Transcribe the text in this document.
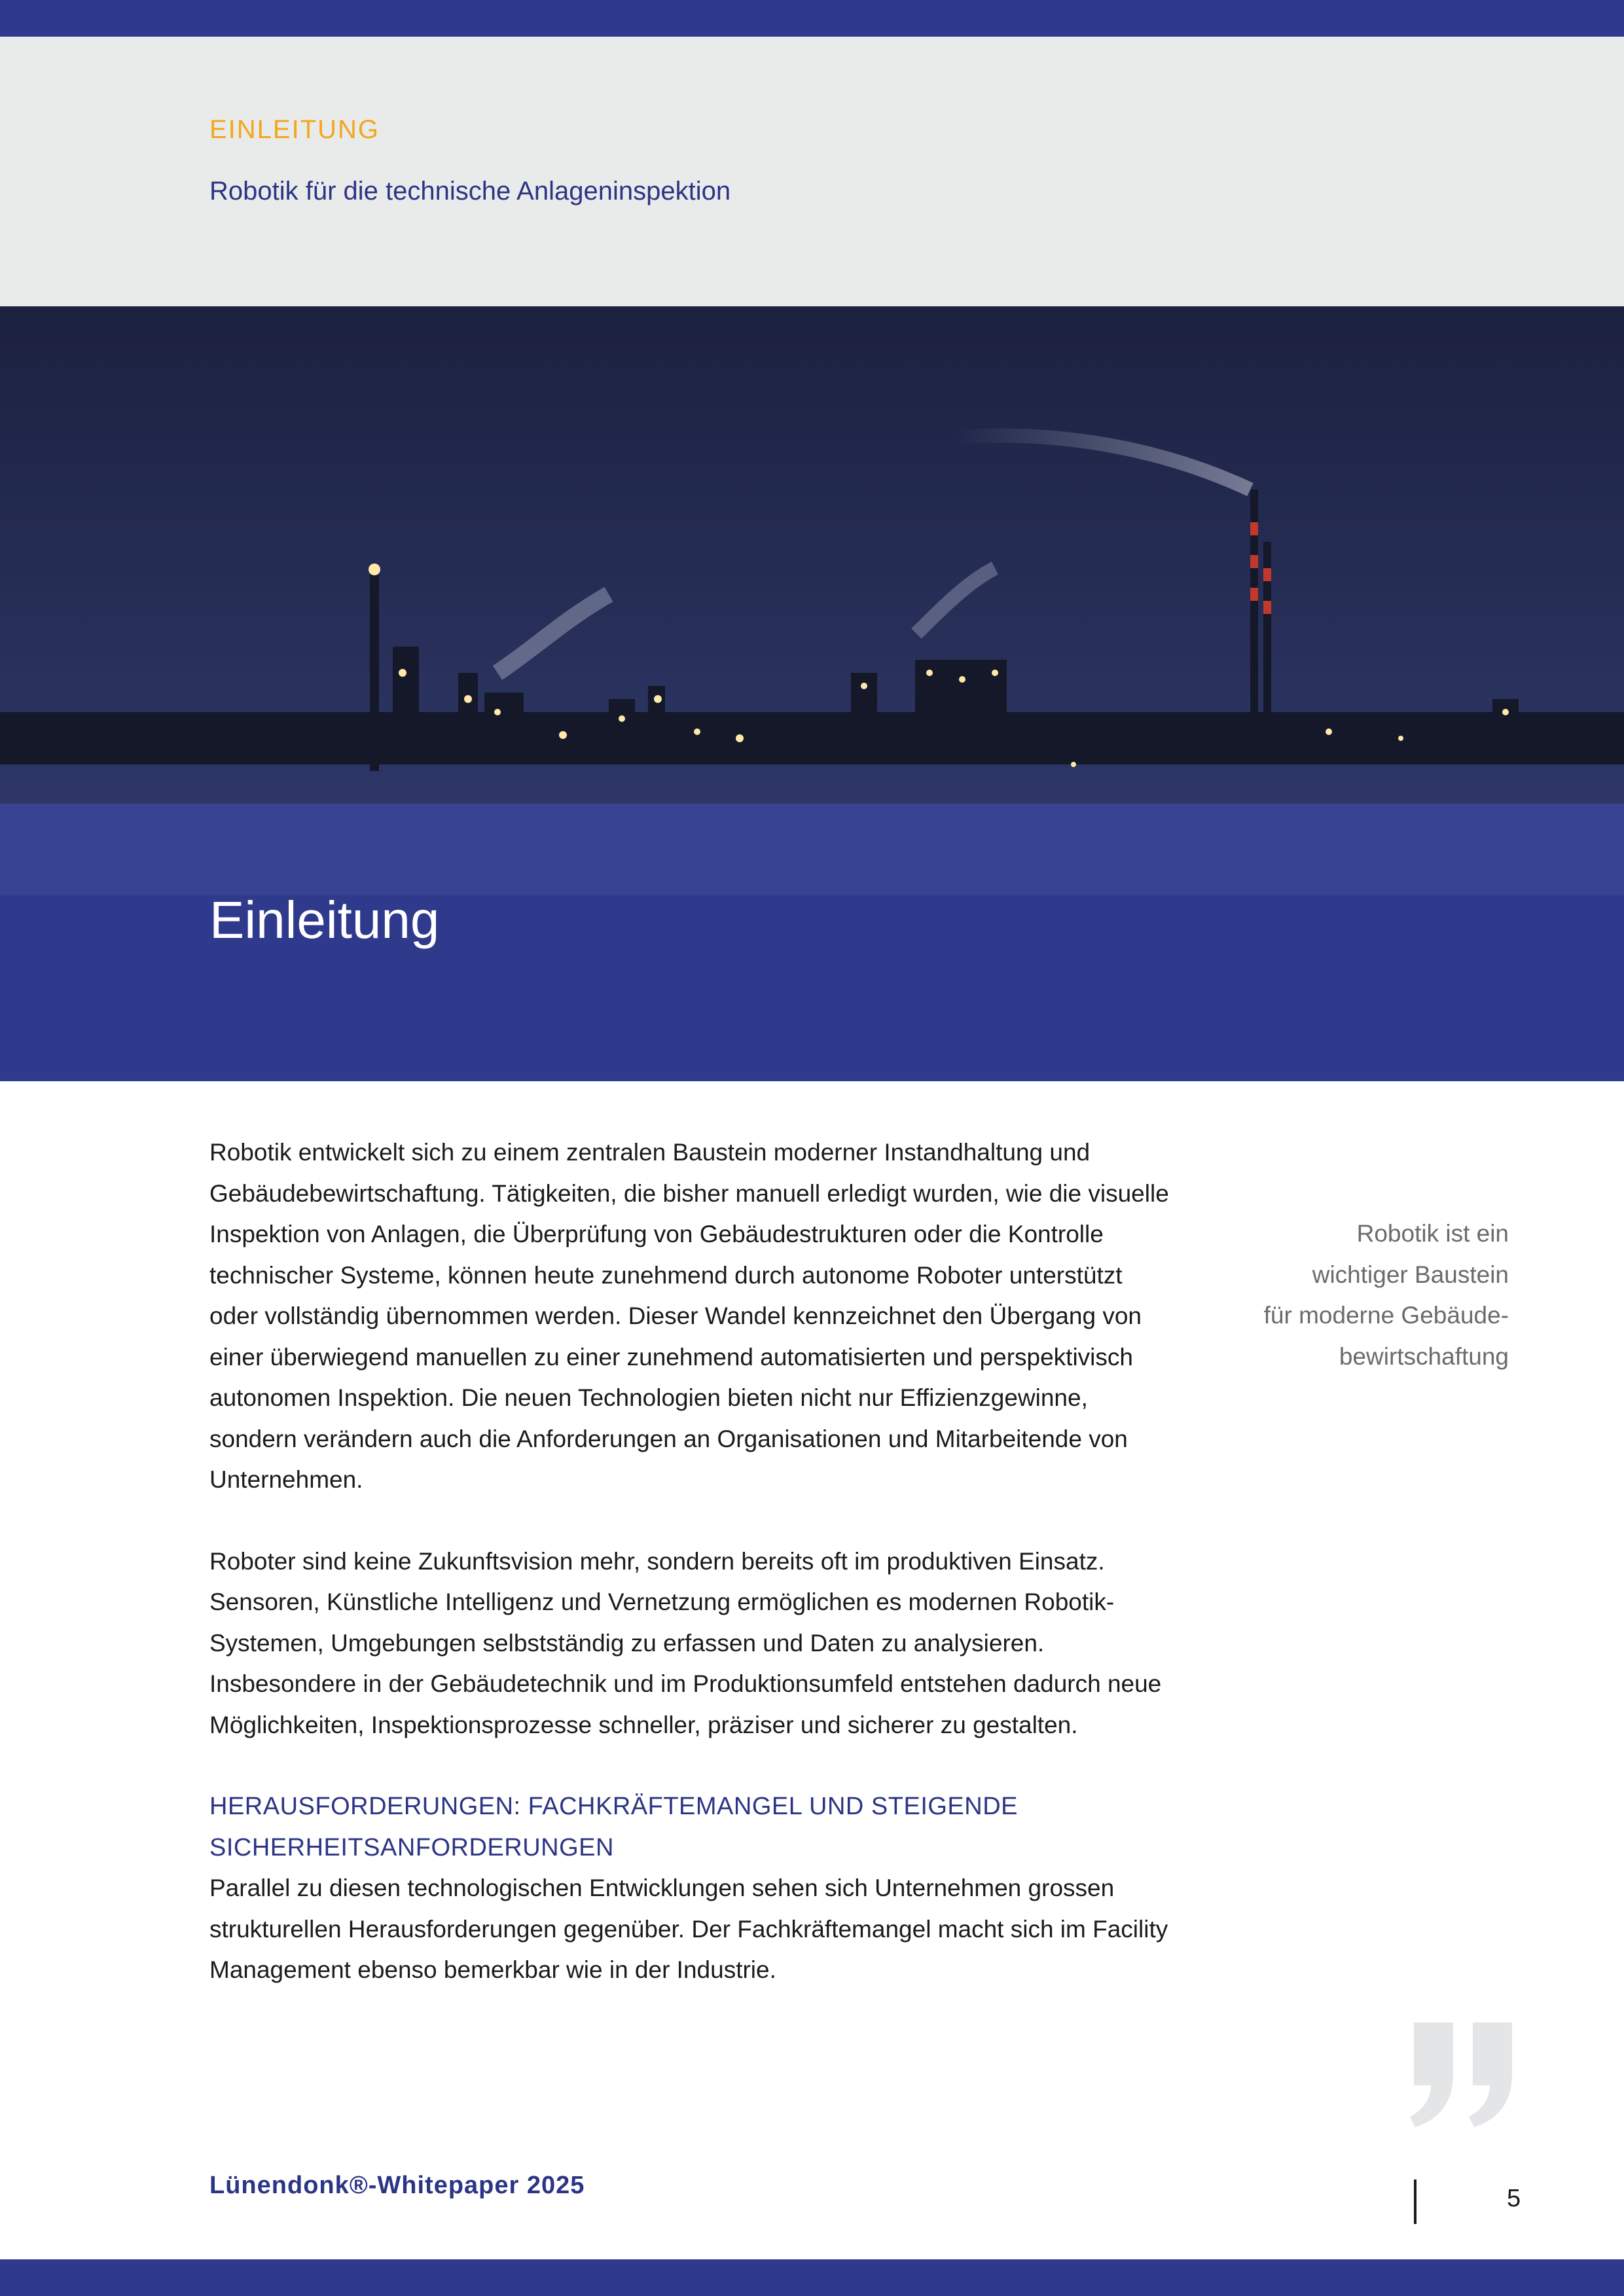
EINLEITUNG
Robotik für die technische Anlageninspektion
Einleitung

Robotik entwickelt sich zu einem zentralen Baustein moderner Instandhaltung und Gebäudebewirtschaftung. Tätigkeiten, die bisher manuell erledigt wurden, wie die visuelle Inspektion von Anlagen, die Überprüfung von Gebäudestrukturen oder die Kontrolle technischer Systeme, können heute zunehmend durch autonome Roboter unterstützt oder vollständig übernommen werden. Dieser Wandel kennzeichnet den Übergang von einer überwiegend manuellen zu einer zunehmend automatisierten und perspektivisch autonomen Inspektion. Die neuen Technologien bieten nicht nur Effizienzgewinne, sondern verändern auch die Anforderungen an Organisationen und Mitarbeitende von Unternehmen.

Roboter sind keine Zukunftsvision mehr, sondern bereits oft im produktiven Einsatz. Sensoren, Künstliche Intelligenz und Vernetzung ermöglichen es modernen Robotik-Systemen, Umgebungen selbstständig zu erfassen und Daten zu analysieren. Insbesondere in der Gebäudetechnik und im Produktionsumfeld entstehen dadurch neue Möglichkeiten, Inspektionsprozesse schneller, präziser und sicherer zu gestalten.

HERAUSFORDERUNGEN: FACHKRÄFTEMANGEL UND STEIGENDE SICHERHEITSANFORDERUNGEN

Parallel zu diesen technologischen Entwicklungen sehen sich Unternehmen grossen strukturellen Herausforderungen gegenüber. Der Fachkräftemangel macht sich im Facility Management ebenso bemerkbar wie in der Industrie.

Robotik ist ein
wichtiger Baustein
für moderne Gebäude-
bewirtschaftung
Lünendonk®-Whitepaper 2025	5
